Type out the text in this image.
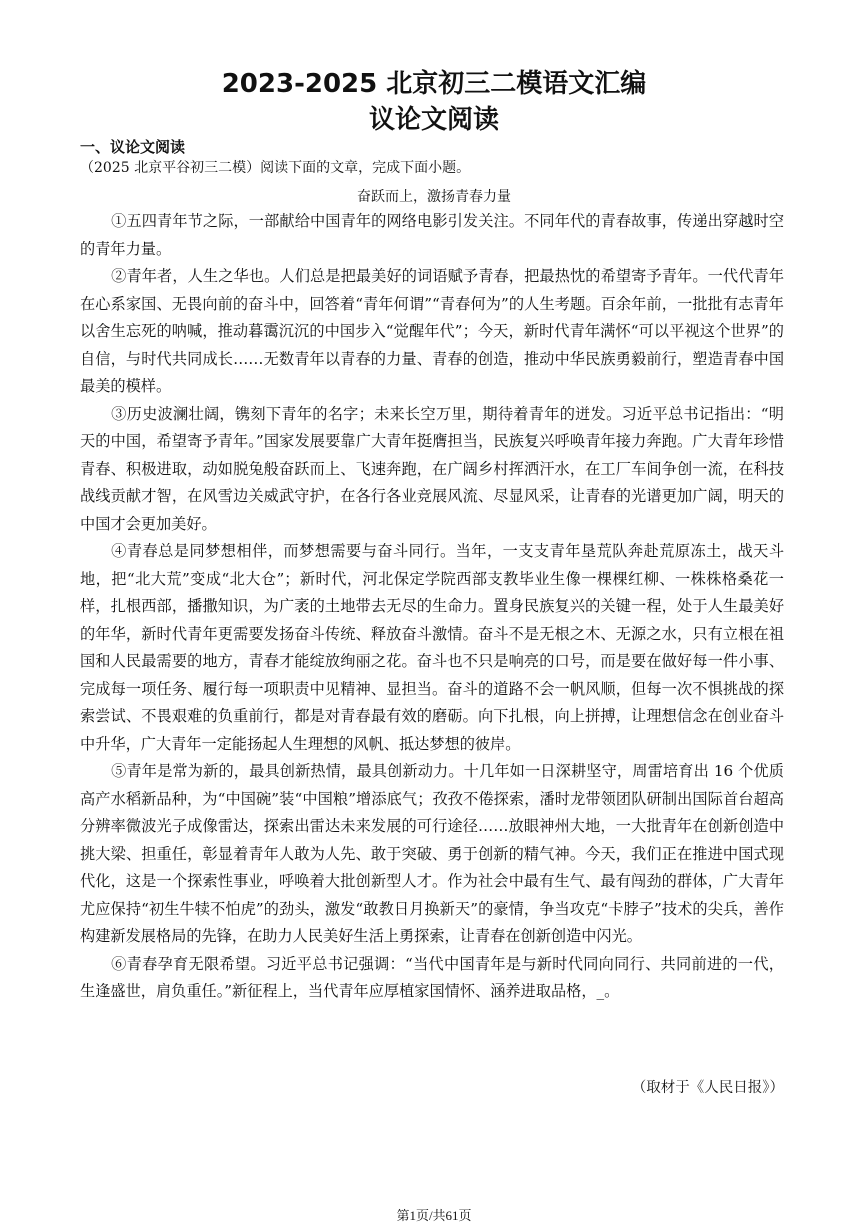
2023-2025 北京初三二模语文汇编
议论文阅读
一、议论文阅读
（2025 北京平谷初三二模）阅读下面的文章，完成下面小题。
奋跃而上，激扬青春力量

①五四青年节之际，一部献给中国青年的网络电影引发关注。不同年代的青春故事，传递出穿越时空的青年力量。

②青年者，人生之华也。人们总是把最美好的词语赋予青春，把最热忱的希望寄予青年。一代代青年在心系家国、无畏向前的奋斗中，回答着“青年何谓”“青春何为”的人生考题。百余年前，一批批有志青年以舍生忘死的呐喊，推动暮霭沉沉的中国步入“觉醒年代”；今天，新时代青年满怀“可以平视这个世界”的自信，与时代共同成长……无数青年以青春的力量、青春的创造，推动中华民族勇毅前行，塑造青春中国最美的模样。

③历史波澜壮阔，镌刻下青年的名字；未来长空万里，期待着青年的迸发。习近平总书记指出：“明天的中国，希望寄予青年。”国家发展要靠广大青年挺膺担当，民族复兴呼唤青年接力奔跑。广大青年珍惜青春、积极进取，动如脱兔般奋跃而上、飞速奔跑，在广阔乡村挥洒汗水，在工厂车间争创一流，在科技战线贡献才智，在风雪边关威武守护，在各行各业竞展风流、尽显风采，让青春的光谱更加广阔，明天的中国才会更加美好。

④青春总是同梦想相伴，而梦想需要与奋斗同行。当年，一支支青年垦荒队奔赴荒原冻土，战天斗地，把“北大荒”变成“北大仓”；新时代，河北保定学院西部支教毕业生像一棵棵红柳、一株株格桑花一样，扎根西部，播撒知识，为广袤的土地带去无尽的生命力。置身民族复兴的关键一程，处于人生最美好的年华，新时代青年更需要发扬奋斗传统、释放奋斗激情。奋斗不是无根之木、无源之水，只有立根在祖国和人民最需要的地方，青春才能绽放绚丽之花。奋斗也不只是响亮的口号，而是要在做好每一件小事、完成每一项任务、履行每一项职责中见精神、显担当。奋斗的道路不会一帆风顺，但每一次不惧挑战的探索尝试、不畏艰难的负重前行，都是对青春最有效的磨砺。向下扎根，向上拼搏，让理想信念在创业奋斗中升华，广大青年一定能扬起人生理想的风帆、抵达梦想的彼岸。

⑤青年是常为新的，最具创新热情，最具创新动力。十几年如一日深耕坚守，周雷培育出 16 个优质高产水稻新品种，为“中国碗”装“中国粮”增添底气；孜孜不倦探索，潘时龙带领团队研制出国际首台超高分辨率微波光子成像雷达，探索出雷达未来发展的可行途径……放眼神州大地，一大批青年在创新创造中挑大梁、担重任，彰显着青年人敢为人先、敢于突破、勇于创新的精气神。今天，我们正在推进中国式现代化，这是一个探索性事业，呼唤着大批创新型人才。作为社会中最有生气、最有闯劲的群体，广大青年尤应保持“初生牛犊不怕虎”的劲头，激发“敢教日月换新天”的豪情，争当攻克“卡脖子”技术的尖兵，善作构建新发展格局的先锋，在助力人民美好生活上勇探索，让青春在创新创造中闪光。

⑥青春孕育无限希望。习近平总书记强调：“当代中国青年是与新时代同向同行、共同前进的一代，生逢盛世，肩负重任。”新征程上，当代青年应厚植家国情怀、涵养进取品格，_。

（取材于《人民日报》）
第1页/共61页
